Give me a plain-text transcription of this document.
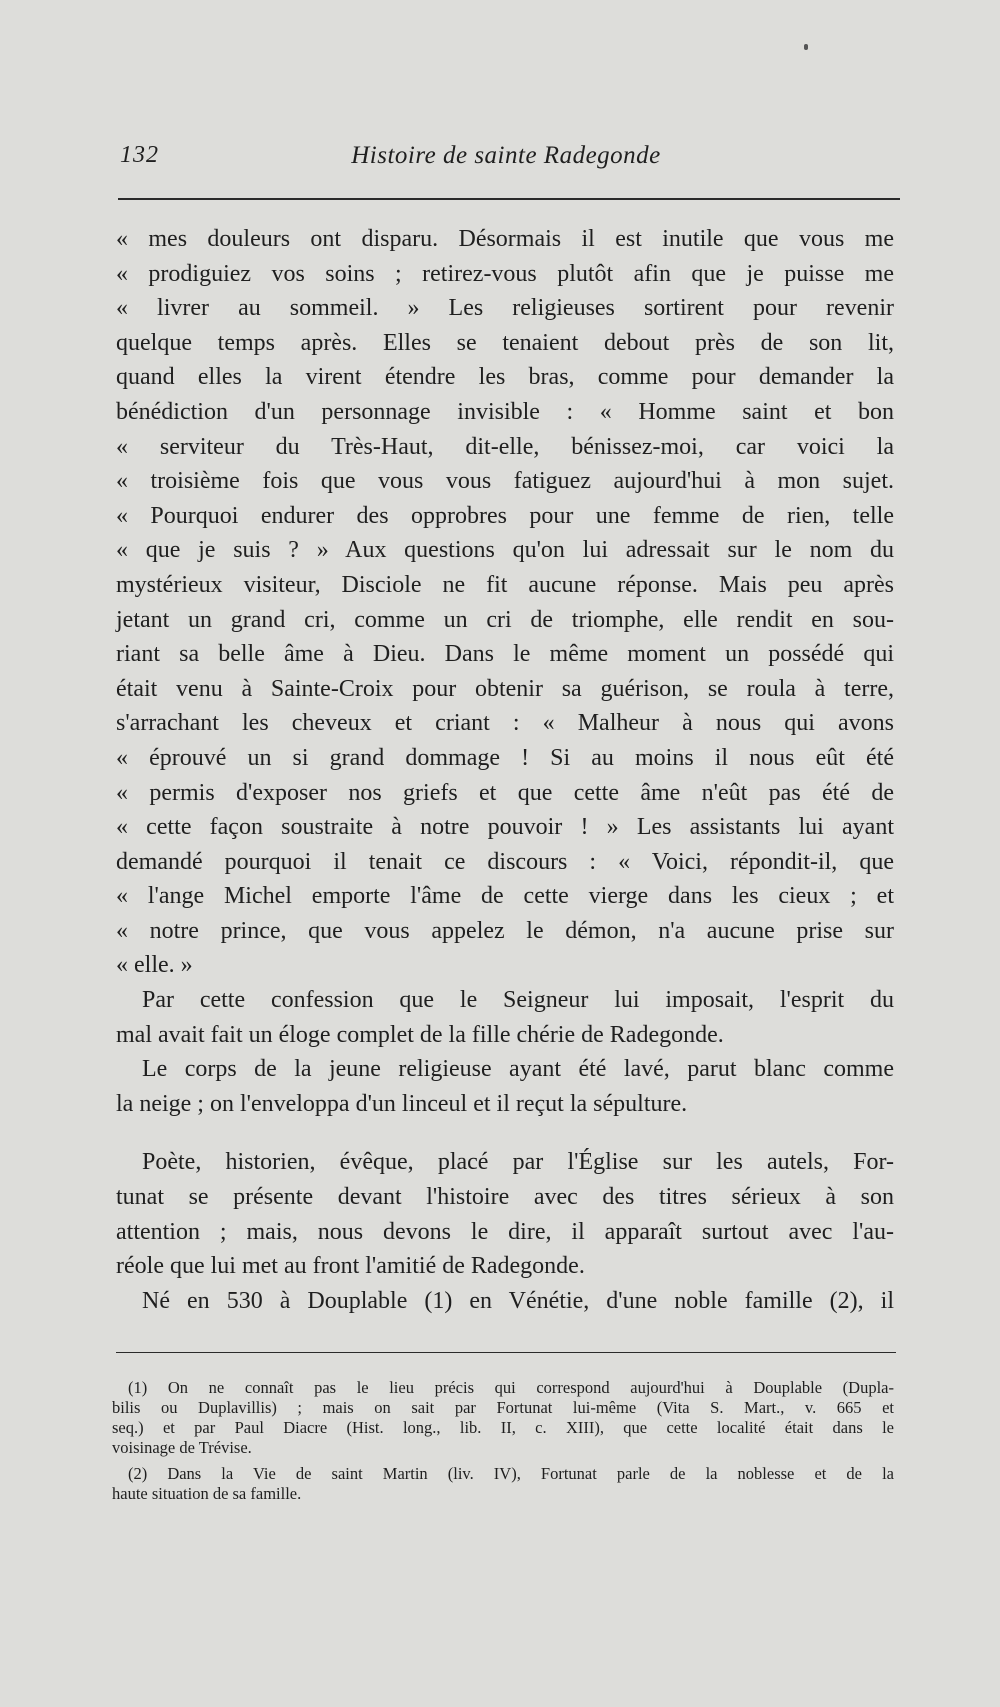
132	Histoire de sainte Radegonde
« mes douleurs ont disparu. Désormais il est inutile que vous me
« prodiguiez vos soins ; retirez-vous plutôt afin que je puisse me
« livrer au sommeil. » Les religieuses sortirent pour revenir
quelque temps après. Elles se tenaient debout près de son lit,
quand elles la virent étendre les bras, comme pour demander la
bénédiction d'un personnage invisible : « Homme saint et bon
« serviteur du Très-Haut, dit-elle, bénissez-moi, car voici la
« troisième fois que vous vous fatiguez aujourd'hui à mon sujet.
« Pourquoi endurer des opprobres pour une femme de rien, telle
« que je suis ? » Aux questions qu'on lui adressait sur le nom du
mystérieux visiteur, Disciole ne fit aucune réponse. Mais peu après
jetant un grand cri, comme un cri de triomphe, elle rendit en sou-
riant sa belle âme à Dieu. Dans le même moment un possédé qui
était venu à Sainte-Croix pour obtenir sa guérison, se roula à terre,
s'arrachant les cheveux et criant : « Malheur à nous qui avons
« éprouvé un si grand dommage ! Si au moins il nous eût été
« permis d'exposer nos griefs et que cette âme n'eût pas été de
« cette façon soustraite à notre pouvoir ! » Les assistants lui ayant
demandé pourquoi il tenait ce discours : « Voici, répondit-il, que
« l'ange Michel emporte l'âme de cette vierge dans les cieux ; et
« notre prince, que vous appelez le démon, n'a aucune prise sur
« elle. »
Par cette confession que le Seigneur lui imposait, l'esprit du
mal avait fait un éloge complet de la fille chérie de Radegonde.
Le corps de la jeune religieuse ayant été lavé, parut blanc comme
la neige ; on l'enveloppa d'un linceul et il reçut la sépulture.
Poète, historien, évêque, placé par l'Église sur les autels, For-
tunat se présente devant l'histoire avec des titres sérieux à son
attention ; mais, nous devons le dire, il apparaît surtout avec l'au-
réole que lui met au front l'amitié de Radegonde.
Né en 530 à Douplable (1) en Vénétie, d'une noble famille (2), il
(1) On ne connaît pas le lieu précis qui correspond aujourd'hui à Douplable (Dupla-
bilis ou Duplavillis) ; mais on sait par Fortunat lui-même (Vita S. Mart., v. 665 et
seq.) et par Paul Diacre (Hist. long., lib. II, c. XIII), que cette localité était dans le
voisinage de Trévise.
(2) Dans la Vie de saint Martin (liv. IV), Fortunat parle de la noblesse et de la
haute situation de sa famille.
